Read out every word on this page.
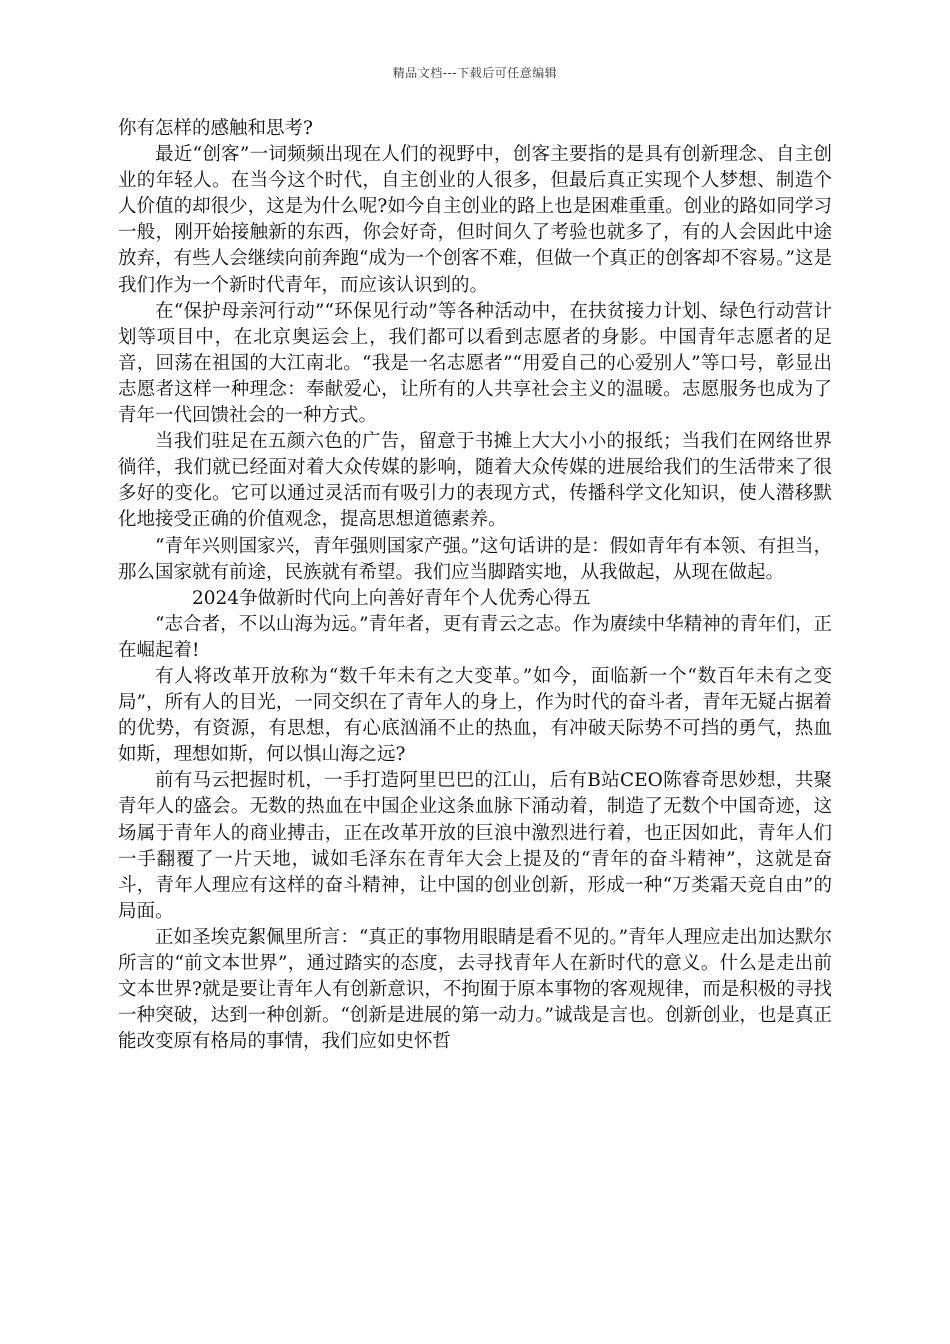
精品文档---下载后可任意编辑

你有怎样的感触和思考?

最近“创客”一词频频出现在人们的视野中，创客主要指的是具有创新理念、自主创业的年轻人。在当今这个时代，自主创业的人很多，但最后真正实现个人梦想、制造个人价值的却很少，这是为什么呢?如今自主创业的路上也是困难重重。创业的路如同学习一般，刚开始接触新的东西，你会好奇，但时间久了考验也就多了，有的人会因此中途放弃，有些人会继续向前奔跑“成为一个创客不难，但做一个真正的创客却不容易。”这是我们作为一个新时代青年，而应该认识到的。

在“保护母亲河行动”“环保见行动”等各种活动中，在扶贫接力计划、绿色行动营计划等项目中，在北京奥运会上，我们都可以看到志愿者的身影。中国青年志愿者的足音，回荡在祖国的大江南北。“我是一名志愿者”“用爱自己的心爱别人”等口号，彰显出志愿者这样一种理念：奉献爱心，让所有的人共享社会主义的温暖。志愿服务也成为了青年一代回馈社会的一种方式。

当我们驻足在五颜六色的广告，留意于书摊上大大小小的报纸；当我们在网络世界徜徉，我们就已经面对着大众传媒的影响，随着大众传媒的进展给我们的生活带来了很多好的变化。它可以通过灵活而有吸引力的表现方式，传播科学文化知识，使人潜移默化地接受正确的价值观念，提高思想道德素养。

“青年兴则国家兴，青年强则国家产强。”这句话讲的是：假如青年有本领、有担当，那么国家就有前途，民族就有希望。我们应当脚踏实地，从我做起，从现在做起。

2024争做新时代向上向善好青年个人优秀心得五

“志合者，不以山海为远。”青年者，更有青云之志。作为赓续中华精神的青年们，正在崛起着!

有人将改革开放称为“数千年未有之大变革。”如今，面临新一个“数百年未有之变局”，所有人的目光，一同交织在了青年人的身上，作为时代的奋斗者，青年无疑占据着的优势，有资源，有思想，有心底汹涌不止的热血，有冲破天际势不可挡的勇气，热血如斯，理想如斯，何以惧山海之远?

前有马云把握时机，一手打造阿里巴巴的江山，后有B站CEO陈睿奇思妙想，共聚青年人的盛会。无数的热血在中国企业这条血脉下涌动着，制造了无数个中国奇迹，这场属于青年人的商业搏击，正在改革开放的巨浪中激烈进行着，也正因如此，青年人们一手翻覆了一片天地，诚如毛泽东在青年大会上提及的“青年的奋斗精神”，这就是奋斗，青年人理应有这样的奋斗精神，让中国的创业创新，形成一种“万类霜天竞自由”的局面。

正如圣埃克絮佩里所言：“真正的事物用眼睛是看不见的。”青年人理应走出加达默尔所言的“前文本世界”，通过踏实的态度，去寻找青年人在新时代的意义。什么是走出前文本世界?就是要让青年人有创新意识，不拘囿于原本事物的客观规律，而是积极的寻找一种突破，达到一种创新。“创新是进展的第一动力。”诚哉是言也。创新创业，也是真正能改变原有格局的事情，我们应如史怀哲
